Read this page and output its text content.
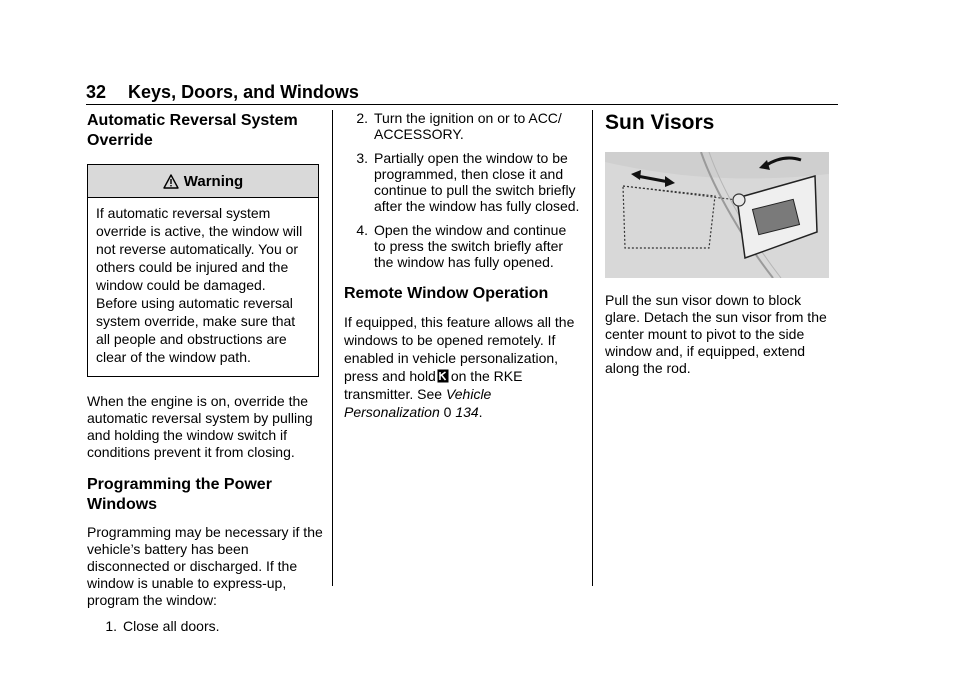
32 Keys, Doors, and Windows
Automatic Reversal System Override
Warning
If automatic reversal system override is active, the window will not reverse automatically. You or others could be injured and the window could be damaged. Before using automatic reversal system override, make sure that all people and obstructions are clear of the window path.

When the engine is on, override the automatic reversal system by pulling and holding the window switch if conditions prevent it from closing.

Programming the Power Windows

Programming may be necessary if the vehicle’s battery has been disconnected or discharged. If the window is unable to express-up, program the window:

1. Close all doors.
2. Turn the ignition on or to ACC/ ACCESSORY.
3. Partially open the window to be programmed, then close it and continue to pull the switch briefly after the window has fully closed.
4. Open the window and continue to press the switch briefly after the window has fully opened.
Remote Window Operation

If equipped, this feature allows all the windows to be opened remotely. If enabled in vehicle personalization, press and hold on the RKE transmitter. See Vehicle Personalization 0 134.

Sun Visors

Pull the sun visor down to block glare. Detach the sun visor from the center mount to pivot to the side window and, if equipped, extend along the rod.
